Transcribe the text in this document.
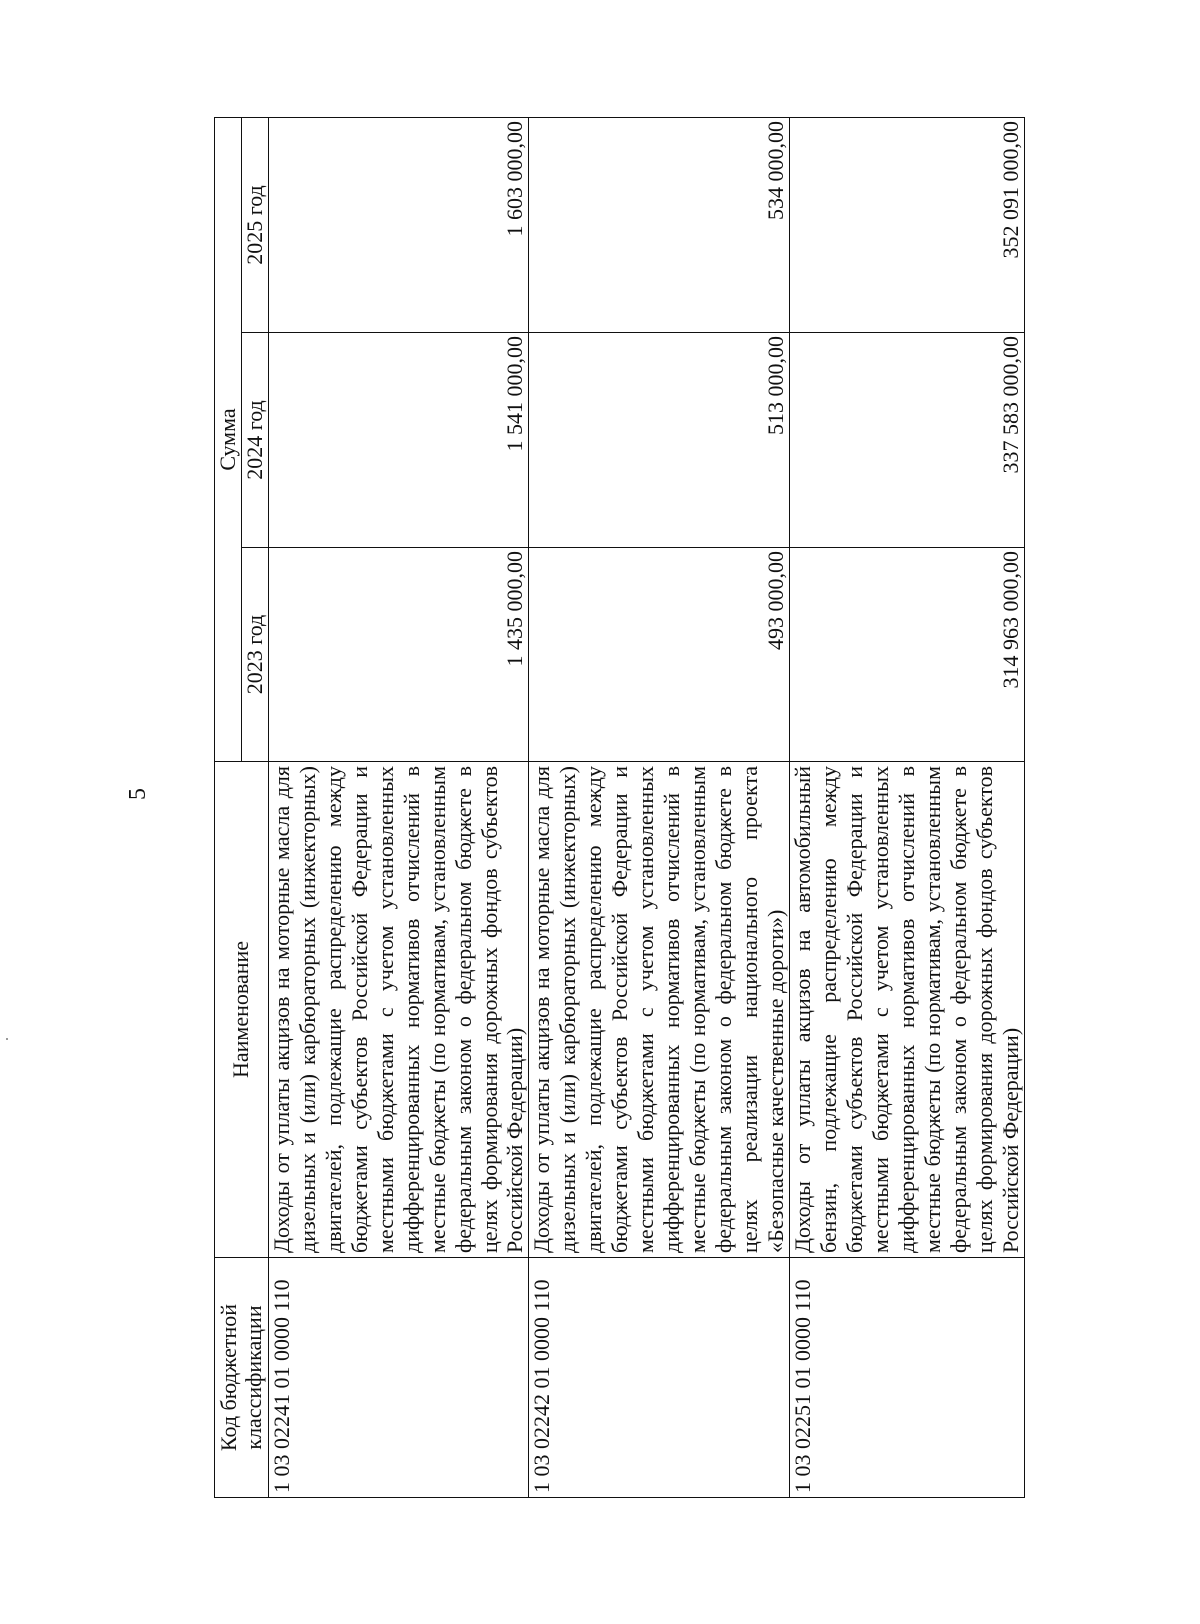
5
Код бюджетной классификации	Наименование	Сумма		
		2023 год	2024 год	2025 год
1 03 02241 01 0000 110	Доходы от уплаты акцизов на моторные масла для дизельных и (или) карбюраторных (инжекторных) двигателей, подлежащие распределению между бюджетами субъектов Российской Федерации и местными бюджетами с учетом установленных дифференцированных нормативов отчислений в местные бюджеты (по нормативам, установленным федеральным законом о федеральном бюджете в целях формирования дорожных фондов субъектов Российской Федерации)	1 435 000,00	1 541 000,00	1 603 000,00
1 03 02242 01 0000 110	Доходы от уплаты акцизов на моторные масла для дизельных и (или) карбюраторных (инжекторных) двигателей, подлежащие распределению между бюджетами субъектов Российской Федерации и местными бюджетами с учетом установленных дифференцированных нормативов отчислений в местные бюджеты (по нормативам, установленным федеральным законом о федеральном бюджете в целях реализации национального проекта «Безопасные качественные дороги»)	493 000,00	513 000,00	534 000,00
1 03 02251 01 0000 110	Доходы от уплаты акцизов на автомобильный бензин, подлежащие распределению между бюджетами субъектов Российской Федерации и местными бюджетами с учетом установленных дифференцированных нормативов отчислений в местные бюджеты (по нормативам, установленным федеральным законом о федеральном бюджете в целях формирования дорожных фондов субъектов Российской Федерации)	314 963 000,00	337 583 000,00	352 091 000,00
